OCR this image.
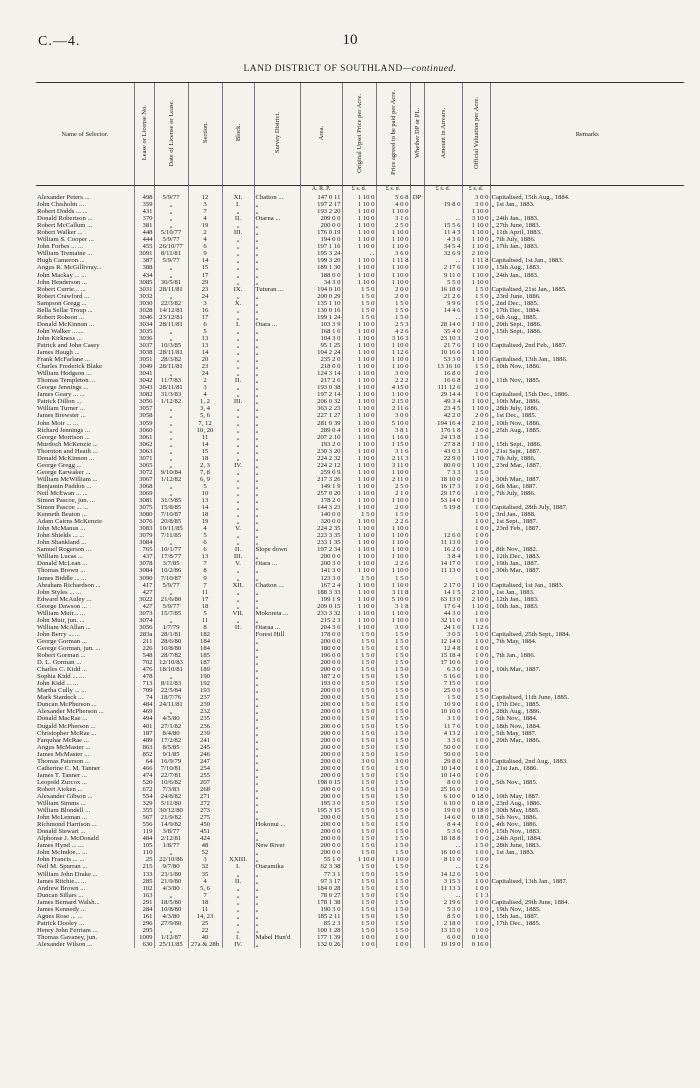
C.—4.	10
LAND DISTRICT OF SOUTHLAND—continued.
Name of Selector.	Lease or License No.	Date of License or Lease.	Section.	Block.	Survey District.	Area.	Original Upset Price per Acre.	Price agreed to be paid per Acre.	Whether DP or PL.	Amount in Arrears.	Official Valuation per Acre.	Remarks
						A. R. P.	£ s. d.	£ s. d.		£ s. d.	£ s. d.	
Alexander Peters ...	498	5/9/77	12	XI.	Chatton ...	147 0 11	1 10 0	5 6 8	DP		3 0 0	Capitalised, 15th Aug., 1884.
John Chisholm ...	359	„	3	I.	„	197 2 17	1 10 0	4 0 0		19 8 0	3 0 0	„ 1st Jan., 1883.
Robert Dodds ... ...	431	„	7	„	„	193 2 20	1 10 0	1 10 0			1 10 0	
Donald Robertson ...	370	„	4	II.	Otarna ...	209 0 0	1 10 0	3 1 6		...	3 10 0	„ 24th Jan., 1883.
Robert McCallum ...	381	„	19	„	„	200 0 0	1 10 0	2 5 0		15 5 6	1 10 0	„ 27th June, 1883.
Robert Walker ...	448	5/10/77	2	III.	„	176 0 19	1 10 0	1 10 0		11 4 3	1 10 0	„ 11th April, 1883.
William S. Cooper ...	444	5/9/77	4	„	„	194 0 0	1 10 0	1 10 0		4 3 6	1 10 0	„ 7th July, 1886.
John Forbes ... ...	455	26/10/77	6	„	„	197 1 16	1 10 0	1 10 0		34 5 4	1 10 0	„ 17th Jan., 1883.
William Tremaine ...	3091	8/11/81	9	„	„	195 3 24	...	3 6 0		32 6 9	2 10 0	
Hugh Cameron ...	387	5/9/77	14	„	„	199 3 20	1 10 0	1 11 8		...	1 11 8	Capitalised, 1st Jan., 1883.
Angus R. McGillivray...	388	„	15	„	„	189 1 30	1 10 0	1 10 0		2 17 6	1 10 0	„ 15th Aug., 1883.
John Mackay ... ...	434	„	17	„	„	188 0 0	1 10 0	1 10 0		9 11 0	1 10 0	„ 24th Jan., 1883.
John Henderson ...	3085	30/5/81	29	„	„	34 3 0	1 10 0	1 10 0		5 5 0	1 10 0	
Robert Currie... ...	3031	28/11/81	23	IX.	Tuturan ...	194 0 10	1 5 0	2 0 0		16 18 0	1 5 0	Capitalised, 21st Jan., 1885.
Robert Crawford ...	3032	„	24	„	„	200 0 29	1 5 0	2 0 0		21 2 6	1 5 0	„ 23rd June, 1886.
Sampson Gregg ...	3030	22/3/82	3	X.	„	135 1 10	1 5 0	1 5 0		9 9 6	1 5 0	„ 2nd Dec., 1885.
Bella Sellar Troup ...	3028	14/12/81	16	„	„	130 0 16	1 5 0	1 5 0		14 4 6	1 5 0	„ 17th Dec., 1884.
Robert Robson ...	3046	23/12/81	17	„	„	199 1 24	1 5 0	1 5 0		...	1 5 0	„ 6th Aug., 1885.
Donald McKinnon ...	3034	28/11/81	6	I.	Otara ...	103 3 9	1 10 0	2 5 3		28 14 0	1 10 0	„ 29th Sept., 1886.
John Walker ... ...	3035	„	5	„	„	168 1 6	1 10 0	4 2 6		35 4 0	2 0 0	„ 15th Sept., 1886.
John Kirkness ...	3036	„	13	„	„	104 3 0	1 10 0	3 16 3		23 10 3	2 0 0	
Patrick and John Casey	3037	10/3/85	13	„	„	95 1 25	1 10 0	1 10 0		21 7 6	1 10 0	Capitalised, 2nd Feb., 1887.
James Haugh ...	3038	28/11/81	14	„	„	104 2 24	1 10 0	1 12 6		10 16 6	1 10 0	
Frank McFarlane ...	3051	28/3/82	20	„	„	235 2 0	1 10 0	1 10 0		53 3 0	1 10 0	Capitalised, 13th Jan., 1886.
Charles Frederick Blake	3049	28/11/81	23	„	„	218 0 0	1 10 0	1 10 0		13 16 10	1 5 0	„ 10th Nov., 1886.
William Hodgson ...	3041	„	24	„	„	124 3 14	1 10 0	3 0 0		16 8 0	2 0 0	
Thomas Templeton ...	3042	11/7/83	2	II.	„	217 2 6	1 10 0	2 2 2		16 6 8	1 0 0	„ 11th Nov., 1885.
George Jennings ...	3043	28/11/81	3	„	„	193 0 38	1 10 0	4 15 0		111 12 6	2 0 0	
James Geary ... ...	3082	31/3/83	4	„	„	197 2 14	1 10 0	1 10 0		29 14 4	1 0 0	Capitalised, 15th Dec., 1886.
Patrick Dillon ...	3056	1/12/82	1, 2	III.	„	206 0 32	1 10 0	2 15 0		49 3 4	1 10 0	„ 10th Mar., 1886.
William Turner ...	3057	„	3, 4	„	„	363 2 23	1 10 0	2 11 6		23 4 5	1 10 0	„ 28th July, 1886.
James Brewster ...	3058	„	5, 6	„	„	227 1 27	1 10 0	3 0 0		42 2 0	2 0 0	„ 1st Dec., 1885.
John Moir ... ...	3059	„	7, 12	„	„	281 0 39	1 10 0	5 10 0		194 16 4	2 10 0	„ 10th Nov., 1886.
Richard Jennings ...	3060	„	10, 20	„	„	289 0 4	1 10 0	3 8 1		176 1 8	2 0 0	„ 25th Aug., 1885.
George Morrison ...	3061	„	11	„	„	207 2 10	1 10 0	1 16 0		24 13 8	1 5 0	
Murdoch McKenzie ...	3062	„	14	„	„	193 2 0	1 10 0	1 15 0		27 8 8	1 10 0	„ 15th Sept., 1886.
Thornton and Heath ...	3063	„	15	„	„	230 3 20	1 10 0	3 1 6		43 0 3	2 0 0	„ 21st Sept., 1887.
Donald McKinnon ...	3071	„	18	„	„	224 2 32	1 10 0	2 11 3		22 9 0	1 10 0	„ 7th July, 1886.
George Gregg ...	3065	„	2, 3	IV.	„	224 2 12	1 10 0	3 11 0		80 0 0	1 10 0	„ 23rd Mar., 1887.
George Earwaker ...	3072	9/10/84	7, 8	„	„	259 0 9	1 10 0	1 10 0		7 3 3	1 5 0	
William McWilliam ...	3067	1/12/82	6, 9	„	„	217 3 26	1 10 0	2 11 0		18 10 0	2 0 0	„ 30th Mar., 1887.
Benjamin Paddon ...	3068	„	5	„	„	149 1 9	1 10 0	2 5 0		16 17 3	1 0 0	„ 6th Mar., 1887.
Neil McEwan ... ...	3069	„	10	„	„	257 0 20	1 10 0	2 1 0		29 17 6	1 0 0	„ 7th July, 1886.
Simon Pascoe, jun. ...	3081	31/3/85	13	„	„	178 2 0	1 10 0	1 10 0		53 14 0	1 10 0	
Simon Pascoe ... ...	3075	15/8/85	14	„	„	144 3 23	1 10 0	2 0 0		5 19 8	1 0 0	Capitalised, 28th July, 1887.
Kenneth Beaton ...	3080	7/10/87	18	„	„	140 0 0	1 5 0	1 5 0			1 0 0	„ 3rd Jan., 1888.
Adam Cairns McKenzie	3076	20/8/85	19	„	„	320 0 0	1 10 0	2 2 6			1 0 0	„ 1st Sept., 1887.
John McManus ...	3083	10/11/85	4	V.	„	224 2 35	1 10 0	1 10 0			1 0 0	„ 23rd Feb., 1887.
John Shields ... ...	3079	7/11/85	5	„	„	223 3 35	1 10 0	1 10 0		12 6 0	1 0 0	
John Shankland ...	3084	„	6	„	„	233 1 35	1 10 0	1 10 0		11 13 0	1 0 0	
Samuel Rogerson ...	765	10/1/77	6	II.	Slope down	197 2 34	1 10 0	1 10 0		16 2 6	1 0 0	„ 8th Nov., 1882.
William Lucas ...	437	17/8/77	13	III.	„	200 0 0	1 10 0	1 10 0		3 8 4	1 0 0	„ 12th Dec., 1883.
Donald McLean ...	3078	3/7/85	7	V.	Otara ...	200 3 0	1 10 0	2 2 6		14 17 0	1 0 0	„ 19th Jan., 1887.
Thomas Brown ...	3084	10/2/86	8	„	„	141 3 0	1 10 0	1 10 0		11 13 0	1 0 0	„ 30th Mar., 1887.
James Biddle ... ...	3090	7/10/87	9	„	„	123 3 0	1 5 0	1 5 0			1 0 0	
Abraham Richardson ...	417	5/9/77	7	XII.	Chatton ...	167 2 4	1 10 0	1 10 0		2 17 0	1 10 0	Capitalised, 1st Jan., 1883.
John Styles ... ...	427	„	11	„	„	188 3 33	1 10 0	3 11 8		14 1 5	2 10 0	„ 1st Jan., 1883.
Edward McAuley ...	3022	21/6/80	17	„	„	199 1 9	1 10 0	5 10 0		63 13 0	2 10 0	„ 12th Jan., 1883.
George Dawson ...	427	5/9/77	18	„	„	209 0 15	1 10 0	3 1 8		17 6 4	1 10 0	„ 10th Jan., 1883.
William Muir... ...	3073	15/7/85	5	VII.	Mokoreta ...	233 3 32	1 10 0	1 10 0		44 3 0	1 0 0	
John Muir, jun. ...	3074	„	11	„	„	215 2 3	1 10 0	1 10 0		32 11 0	1 0 0	
William McAllan ...	3056	1/7/79	8	II.	Otaraa ...	204 3 6	1 10 0	3 0 0		24 1 6	1 12 6	
John Berry ... ...	283a	28/1/81	182		Forest Hill	178 0 0	1 5 0	1 5 0		3 0 5	1 0 0	Capitalised, 25th Sept., 1884.
George Gorman ...	211	28/6/80	184		„	200 0 0	1 5 0	1 5 0		12 14 0	1 0 0	„ 7th May, 1884.
George Gorman, jun. ...	226	10/8/80	184		„	180 0 0	1 5 0	1 5 0		12 4 8	1 0 0	
Robert Gorman ...	548	28/7/82	185		„	196 0 0	1 5 0	1 5 0		15 18 4	1 0 0	„ 7th Jan., 1886.
D. L. Gorman ...	702	12/10/83	187		„	200 0 0	1 5 0	1 5 0		17 10 6	1 0 0	
Charles C. Kidd ...	476	18/10/81	189		„	200 0 0	1 5 0	1 5 0		6 3 6	1 0 0	„ 10th Mar., 1887.
Sophia Kidd ... ...	478	„	190		„	187 2 0	1 5 0	1 5 0		5 16 6	1 0 0	
John Kidd ... ...	713	8/11/83	192		„	193 0 0	1 5 0	1 5 0		7 15 0	1 0 0	
Martha Cully ... ...	709	22/5/84	193		„	200 0 0	1 5 0	1 5 0		25 0 0	1 5 0	
Mark Stardeck ...	74	18/7/76	237		„	200 0 0	1 5 0	1 5 0		1 5 0	1 5 0	Capitalised, 11th June, 1885.
Duncan McPherson ...	484	24/11/81	239		„	200 0 0	1 5 0	1 5 0		10 9 0	1 0 0	„ 17th Dec., 1885.
Alexander McPherson ...	469	„	232		„	200 0 0	1 5 0	1 5 0		10 10 0	1 0 0	„ 28th Aug., 1886.
Donald MacRae ...	494	4/5/80	235		„	200 0 0	1 5 0	1 5 0		3 1 0	1 0 0	„ 5th Nov., 1884.
Dugald McPherson ...	401	27/1/82	236		„	200 0 0	1 5 0	1 5 0		11 7 6	1 0 0	„ 18th Nov., 1884.
Christopher McRae ...	187	8/4/80	239		„	200 0 0	1 5 0	1 5 0		4 13 2	1 0 0	„ 5th May, 1887.
Farquhar McRae ...	489	17/2/82	241		„	200 0 0	1 5 0	1 5 0		3 3 6	1 0 0	„ 29th Mar., 1886.
Angus McMaster ...	863	8/5/85	245		„	200 0 0	1 5 0	1 5 0		50 0 0	1 0 0	
James McMaster ...	852	9/1/85	246		„	200 0 0	1 5 0	1 5 0		50 0 0	1 0 0	
Thomas Paterson ...	64	16/9/79	247		„	200 0 0	3 0 0	3 0 0		29 8 0	1 8 0	Capitalised, 2nd Aug., 1883.
Catherine C. M. Tanner	466	7/10/81	254		„	200 0 0	1 5 0	1 5 0		10 14 0	1 0 0	„ 21st Jan., 1886.
James T. Tanner ...	474	22/7/81	255		„	200 0 0	1 5 0	1 5 0		10 14 0	1 0 0	
Leopold Zurcox ...	520	10/6/82	207		„	198 0 15	1 5 0	1 5 0		8 0 0	1 0 0	„ 5th Nov., 1885.
Robert Aicken ...	672	7/3/83	268		„	200 0 0	1 5 0	1 5 0		25 16 0	1 0 0	
Alexander Gibson ...	554	24/8/82	271		„	200 0 0	1 5 0	1 5 0		6 10 0	0 18 0	„ 19th May, 1887.
William Simms ...	329	5/11/80	272		„	195 3 0	1 5 0	1 5 0		6 10 0	0 18 0	„ 23rd Aug., 1886.
William Blondell ...	355	30/12/80	273		„	195 3 15	1 5 0	1 5 0		19 0 0	0 18 0	„ 30th May, 1885.
John McLennan ...	567	21/9/82	275		„	200 0 0	1 5 0	1 5 0		14 6 0	0 18 0	„ 5th Nov., 1886.
Richmond Harrison ...	556	14/9/82	450		Hokonui ...	200 0 0	1 5 0	1 5 0		8 4 4	1 0 0	„ 4th Nov., 1886.
Donald Stewart ...	119	3/8/77	451		„	200 0 0	1 5 0	1 5 0		5 3 6	1 0 0	„ 15th Nov., 1883.
Alphonse J. McDonald	484	2/12/81	424		„	200 0 0	1 5 0	1 5 0		18 18 8	1 0 0	„ 24th April, 1884.
James Hynd ... ...	105	1/8/77	48		New River	200 0 0	1 5 0	1 5 0		...	1 5 0	„ 28th June, 1883.
John McIndoe... ...	110	„	52		„	200 0 0	1 5 0	1 5 0		16 10 6	1 0 0	„ 1st Jan., 1883.
John Francis ... ...	25	22/10/86	3	XXIII.	„	55 1 0	1 10 0	1 10 0		8 11 0	1 0 0	
Neil M. Spurran ...	215	9/7/80	32	I.	Otaramika	62 3 38	1 5 0	1 5 0		...	1 2 6	
William John Drake ...	133	23/1/80	35	„	„	77 3 1	1 5 0	1 5 0		14 12 6	1 0 0	
James Ritchie... ...	285	21/9/80	4	II.	„	97 3 17	1 5 0	1 5 0		3 15 3	1 0 0	Capitalised, 13th Jan., 1887.
Andrew Brown ...	102	4/3/80	5, 6	„	„	184 0 28	1 5 0	1 5 0		11 13 3	1 0 0	
Duncan Sillars ...	163	„	7	„	„	78 0 27	1 5 0	1 5 0		...	1 1 3	
James Bernard Walsh...	291	18/5/80	18	„	„	178 1 38	1 5 0	1 5 0		2 19 6	1 0 0	Capitalised, 29th June, 1884.
James Kennedy ...	284	10/8/80	11	„	„	190 3 0	1 5 0	1 5 0		5 3 0	1 0 0	„ 19th Nov., 1885.
Agnes Rose ... ...	161	4/3/80	14, 23	„	„	185 2 11	1 5 0	1 5 0		8 5 0	1 0 0	„ 15th Jan., 1887.
Patrick Dooley ...	296	27/9/80	25	„	„	85 2 3	1 5 0	1 5 0		2 18 0	1 0 0	„ 17th Dec., 1885.
Henry John Ferriam ...	295	„	22	„	„	100 1 28	1 5 0	1 5 0		13 15 0	1 0 0	
Thomas Gavaney, jun.	1009	1/12/87	40	I.	Mabel Hun'd	177 1 39	1 0 0	1 0 0		6 0 0	0 16 0	
Alexander Wilson ...	630	25/11/85	27a & 28b	IV.	„	132 0 26	1 0 0	1 0 0		19 19 0	0 16 0	
